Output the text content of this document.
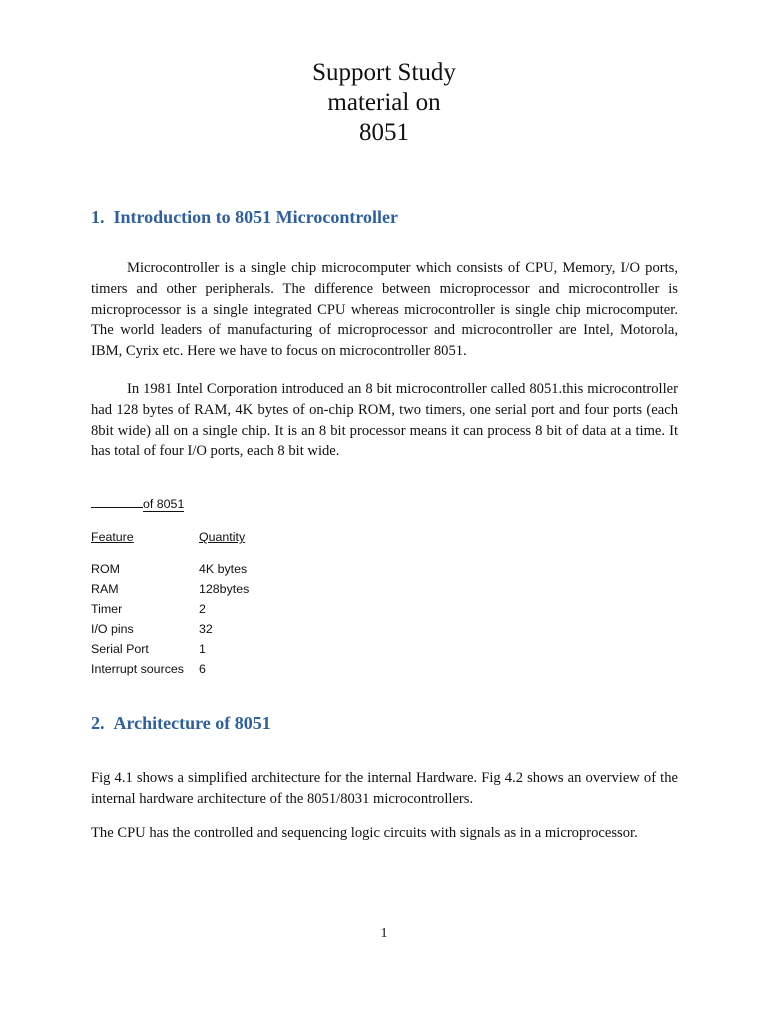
Support Study
material on
8051
1. Introduction to 8051 Microcontroller

Microcontroller is a single chip microcomputer which consists of CPU, Memory, I/O ports, timers and other peripherals. The difference between microprocessor and microcontroller is microprocessor is a single integrated CPU whereas microcontroller is single chip microcomputer. The world leaders of manufacturing of microprocessor and microcontroller are Intel, Motorola, IBM, Cyrix etc. Here we have to focus on microcontroller 8051.

In 1981 Intel Corporation introduced an 8 bit microcontroller called 8051.this microcontroller had 128 bytes of RAM, 4K bytes of on-chip ROM, two timers, one serial port and four ports (each 8bit wide) all on a single chip. It is an 8 bit processor means it can process 8 bit of data at a time. It has total of four I/O ports, each 8 bit wide.

of 8051
Feature	Quantity
ROM	4K bytes
RAM	128bytes
Timer	2
I/O pins	32
Serial Port	1
Interrupt sources	6
2. Architecture of 8051

Fig 4.1 shows a simplified architecture for the internal Hardware. Fig 4.2 shows an overview of the internal hardware architecture of the 8051/8031 microcontrollers.

The CPU has the controlled and sequencing logic circuits with signals as in a microprocessor.

1
